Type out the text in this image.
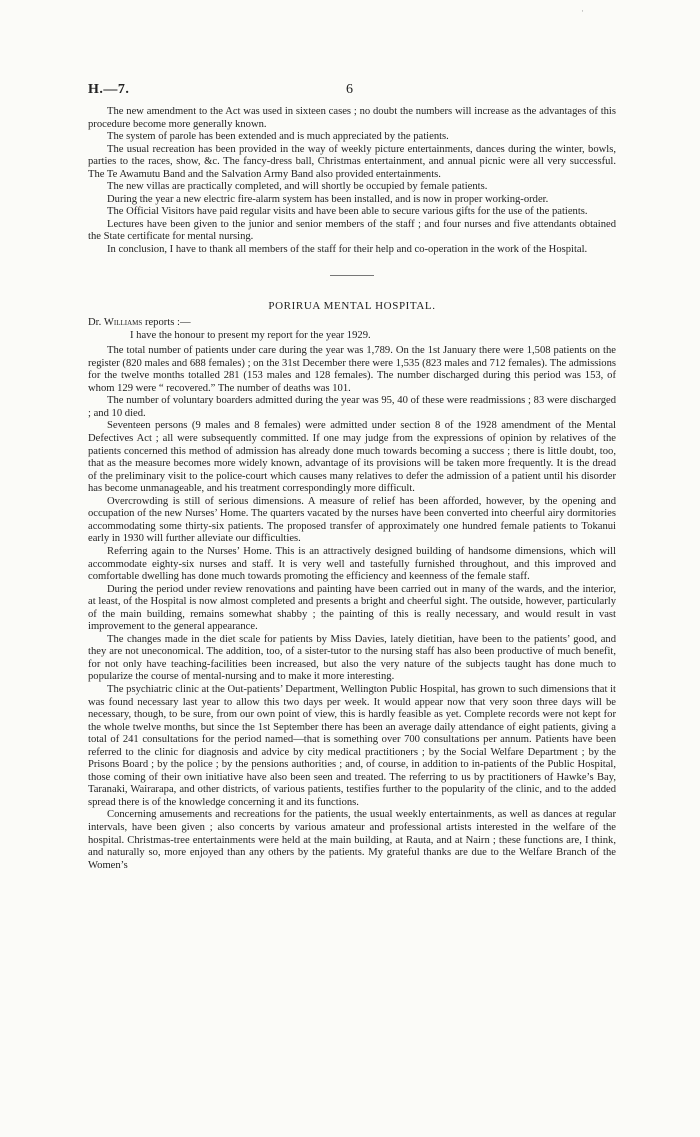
·
H.—7.	6

The new amendment to the Act was used in sixteen cases ; no doubt the numbers will increase as the advantages of this procedure become more generally known.

The system of parole has been extended and is much appreciated by the patients.

The usual recreation has been provided in the way of weekly picture entertainments, dances during the winter, bowls, parties to the races, show, &c. The fancy-dress ball, Christmas entertainment, and annual picnic were all very successful. The Te Awamutu Band and the Salvation Army Band also provided entertainments.

The new villas are practically completed, and will shortly be occupied by female patients.

During the year a new electric fire-alarm system has been installed, and is now in proper working-order.

The Official Visitors have paid regular visits and have been able to secure various gifts for the use of the patients.

Lectures have been given to the junior and senior members of the staff ; and four nurses and five attendants obtained the State certificate for mental nursing.

In conclusion, I have to thank all members of the staff for their help and co-operation in the work of the Hospital.

PORIRUA MENTAL HOSPITAL.

Dr. Williams reports :—

I have the honour to present my report for the year 1929.

The total number of patients under care during the year was 1,789. On the 1st January there were 1,508 patients on the register (820 males and 688 females) ; on the 31st December there were 1,535 (823 males and 712 females). The admissions for the twelve months totalled 281 (153 males and 128 females). The number discharged during this period was 153, of whom 129 were “ recovered.” The number of deaths was 101.

The number of voluntary boarders admitted during the year was 95, 40 of these were readmissions ; 83 were discharged ; and 10 died.

Seventeen persons (9 males and 8 females) were admitted under section 8 of the 1928 amendment of the Mental Defectives Act ; all were subsequently committed. If one may judge from the expressions of opinion by relatives of the patients concerned this method of admission has already done much towards becoming a success ; there is little doubt, too, that as the measure becomes more widely known, advantage of its provisions will be taken more frequently. It is the dread of the preliminary visit to the police-court which causes many relatives to defer the admission of a patient until his disorder has become unmanageable, and his treatment correspondingly more difficult.

Overcrowding is still of serious dimensions. A measure of relief has been afforded, however, by the opening and occupation of the new Nurses’ Home. The quarters vacated by the nurses have been converted into cheerful airy dormitories accommodating some thirty-six patients. The proposed transfer of approximately one hundred female patients to Tokanui early in 1930 will further alleviate our difficulties.

Referring again to the Nurses’ Home. This is an attractively designed building of handsome dimensions, which will accommodate eighty-six nurses and staff. It is very well and tastefully furnished throughout, and this improved and comfortable dwelling has done much towards promoting the efficiency and keenness of the female staff.

During the period under review renovations and painting have been carried out in many of the wards, and the interior, at least, of the Hospital is now almost completed and presents a bright and cheerful sight. The outside, however, particularly of the main building, remains somewhat shabby ; the painting of this is really necessary, and would result in vast improvement to the general appearance.

The changes made in the diet scale for patients by Miss Davies, lately dietitian, have been to the patients’ good, and they are not uneconomical. The addition, too, of a sister-tutor to the nursing staff has also been productive of much benefit, for not only have teaching-facilities been increased, but also the very nature of the subjects taught has done much to popularize the course of mental-nursing and to make it more interesting.

The psychiatric clinic at the Out-patients’ Department, Wellington Public Hospital, has grown to such dimensions that it was found necessary last year to allow this two days per week. It would appear now that very soon three days will be necessary, though, to be sure, from our own point of view, this is hardly feasible as yet. Complete records were not kept for the whole twelve months, but since the 1st September there has been an average daily attendance of eight patients, giving a total of 241 consultations for the period named—that is something over 700 consultations per annum. Patients have been referred to the clinic for diagnosis and advice by city medical practitioners ; by the Social Welfare Department ; by the Prisons Board ; by the police ; by the pensions authorities ; and, of course, in addition to in-patients of the Public Hospital, those coming of their own initiative have also been seen and treated. The referring to us by practitioners of Hawke’s Bay, Taranaki, Wairarapa, and other districts, of various patients, testifies further to the popularity of the clinic, and to the added spread there is of the knowledge concerning it and its functions.

Concerning amusements and recreations for the patients, the usual weekly entertainments, as well as dances at regular intervals, have been given ; also concerts by various amateur and professional artists interested in the welfare of the hospital. Christmas-tree entertainments were held at the main building, at Rauta, and at Nairn ; these functions are, I think, and naturally so, more enjoyed than any others by the patients. My grateful thanks are due to the Welfare Branch of the Women’s
